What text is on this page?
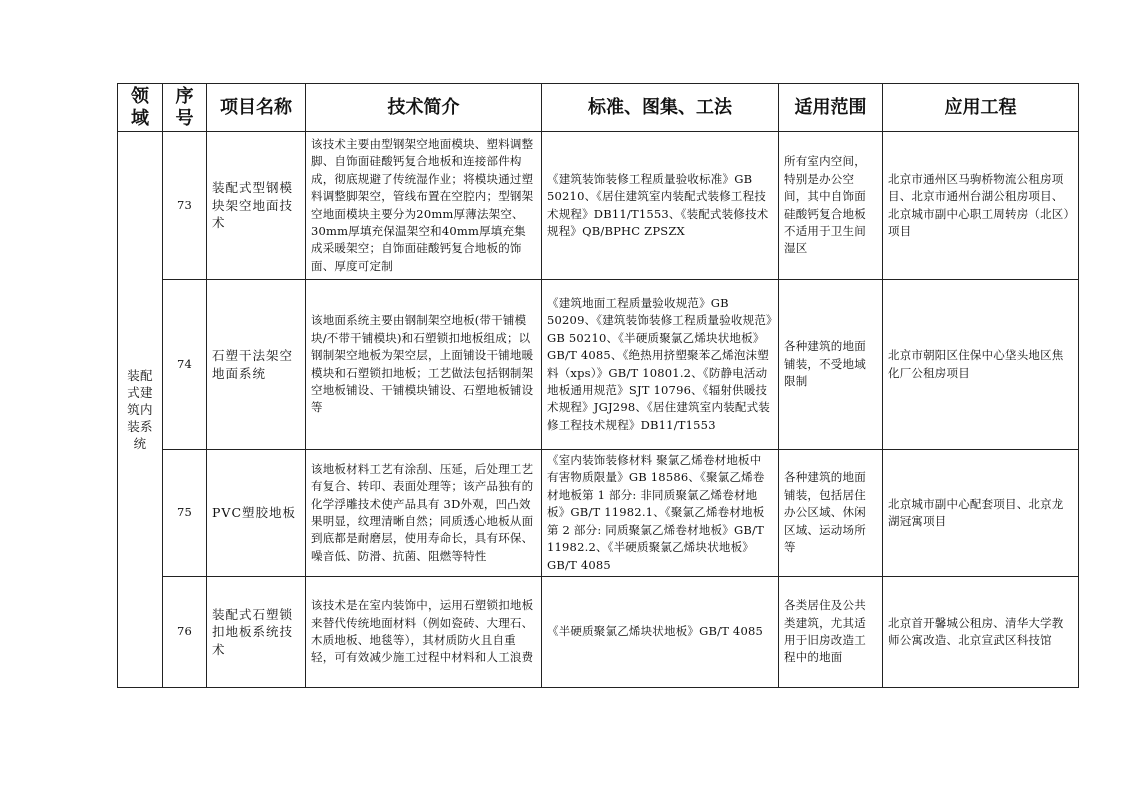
领域	序号	项目名称	技术简介	标准、图集、工法	适用范围	应用工程
装配式建筑内装系统	73	装配式型钢模块架空地面技术	该技术主要由型钢架空地面模块、塑料调整脚、自饰面硅酸钙复合地板和连接部件构成，彻底规避了传统湿作业；将模块通过塑料调整脚架空，管线布置在空腔内；型钢架空地面模块主要分为20mm厚薄法架空、30mm厚填充保温架空和40mm厚填充集成采暖架空；自饰面硅酸钙复合地板的饰面、厚度可定制	《建筑装饰装修工程质量验收标准》GB 50210、《居住建筑室内装配式装修工程技术规程》DB11/T1553、《装配式装修技术规程》QB/BPHC ZPSZX	所有室内空间，特别是办公空间，其中自饰面硅酸钙复合地板不适用于卫生间湿区	北京市通州区马驹桥物流公租房项目、北京市通州台湖公租房项目、北京城市副中心职工周转房（北区）项目
	74	石塑干法架空地面系统	该地面系统主要由钢制架空地板(带干铺模块/不带干铺模块)和石塑锁扣地板组成；以钢制架空地板为架空层，上面铺设干铺地暖模块和石塑锁扣地板；工艺做法包括钢制架空地板铺设、干铺模块铺设、石塑地板铺设等	《建筑地面工程质量验收规范》GB 50209、《建筑装饰装修工程质量验收规范》GB 50210、《半硬质聚氯乙烯块状地板》GB/T 4085、《绝热用挤塑聚苯乙烯泡沫塑料（xps）》GB/T 10801.2、《防静电活动地板通用规范》SJT 10796、《辐射供暖技术规程》JGJ298、《居住建筑室内装配式装修工程技术规程》DB11/T1553	各种建筑的地面铺装，不受地域限制	北京市朝阳区住保中心垡头地区焦化厂公租房项目
	75	PVC塑胶地板	该地板材料工艺有涂刮、压延，后处理工艺有复合、转印、表面处理等；该产品独有的化学浮雕技术使产品具有 3D外观，凹凸效果明显，纹理清晰自然；同质透心地板从面到底都是耐磨层，使用寿命长，具有环保、噪音低、防滑、抗菌、阻燃等特性	《室内装饰装修材料 聚氯乙烯卷材地板中有害物质限量》GB 18586、《聚氯乙烯卷材地板第 1 部分: 非同质聚氯乙烯卷材地板》GB/T 11982.1、《聚氯乙烯卷材地板第 2 部分: 同质聚氯乙烯卷材地板》GB/T 11982.2、《半硬质聚氯乙烯块状地板》GB/T 4085	各种建筑的地面铺装，包括居住办公区域、休闲区域、运动场所等	北京城市副中心配套项目、北京龙湖冠寓项目
	76	装配式石塑锁扣地板系统技术	该技术是在室内装饰中，运用石塑锁扣地板来替代传统地面材料（例如瓷砖、大理石、木质地板、地毯等），其材质防火且自重轻，可有效减少施工过程中材料和人工浪费	《半硬质聚氯乙烯块状地板》GB/T 4085	各类居住及公共类建筑，尤其适用于旧房改造工程中的地面	北京首开馨城公租房、清华大学教师公寓改造、北京宣武区科技馆
